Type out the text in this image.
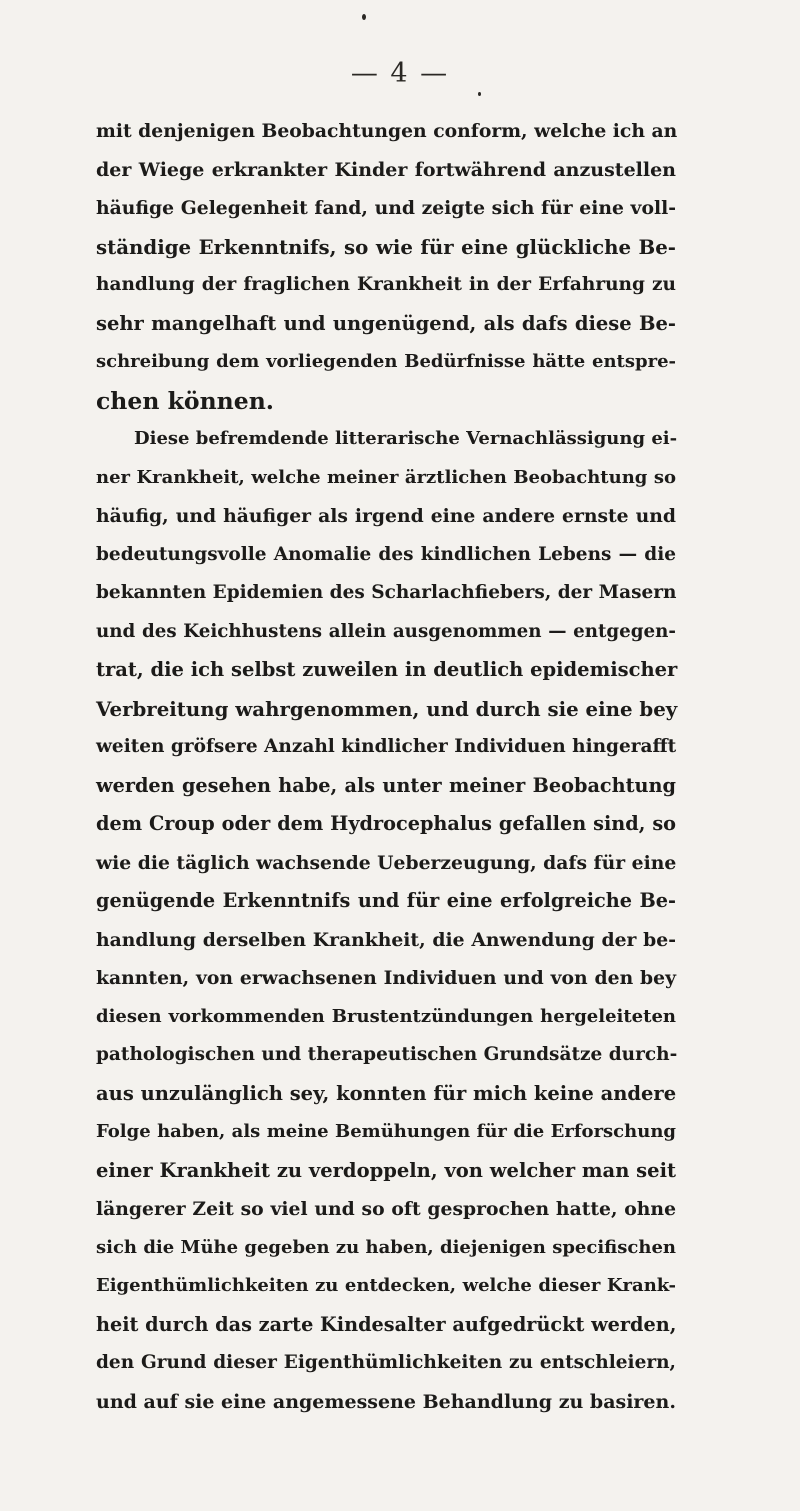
— 4 —
mit denjenigen Beobachtungen conform, welche ich an
der Wiege erkrankter Kinder fortwährend anzustellen
häufige Gelegenheit fand, und zeigte sich für eine voll-
ständige Erkenntnifs, so wie für eine glückliche Be-
handlung der fraglichen Krankheit in der Erfahrung zu
sehr mangelhaft und ungenügend, als dafs diese Be-
schreibung dem vorliegenden Bedürfnisse hätte entspre-
chen können.
Diese befremdende litterarische Vernachlässigung ei-
ner Krankheit, welche meiner ärztlichen Beobachtung so
häufig, und häufiger als irgend eine andere ernste und
bedeutungsvolle Anomalie des kindlichen Lebens — die
bekannten Epidemien des Scharlachfiebers, der Masern
und des Keichhustens allein ausgenommen — entgegen-
trat, die ich selbst zuweilen in deutlich epidemischer
Verbreitung wahrgenommen, und durch sie eine bey
weiten gröfsere Anzahl kindlicher Individuen hingerafft
werden gesehen habe, als unter meiner Beobachtung
dem Croup oder dem Hydrocephalus gefallen sind, so
wie die täglich wachsende Ueberzeugung, dafs für eine
genügende Erkenntnifs und für eine erfolgreiche Be-
handlung derselben Krankheit, die Anwendung der be-
kannten, von erwachsenen Individuen und von den bey
diesen vorkommenden Brustentzündungen hergeleiteten
pathologischen und therapeutischen Grundsätze durch-
aus unzulänglich sey, konnten für mich keine andere
Folge haben, als meine Bemühungen für die Erforschung
einer Krankheit zu verdoppeln, von welcher man seit
längerer Zeit so viel und so oft gesprochen hatte, ohne
sich die Mühe gegeben zu haben, diejenigen specifischen
Eigenthümlichkeiten zu entdecken, welche dieser Krank-
heit durch das zarte Kindesalter aufgedrückt werden,
den Grund dieser Eigenthümlichkeiten zu entschleiern,
und auf sie eine angemessene Behandlung zu basiren.
